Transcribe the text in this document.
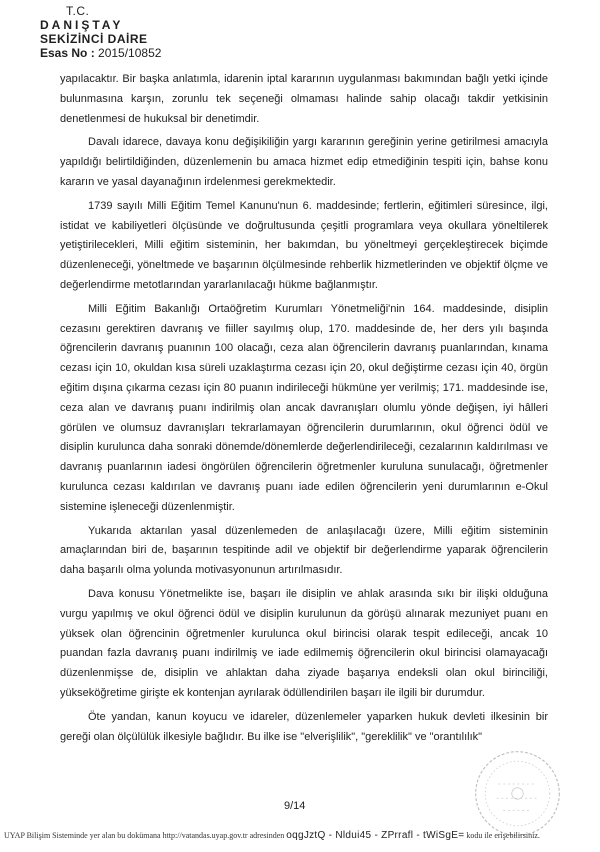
T.C.
DANIŞTAY
SEKİZİNCİ DAİRE
Esas No : 2015/10852

yapılacaktır. Bir başka anlatımla, idarenin iptal kararının uygulanması bakımından bağlı yetki içinde bulunmasına karşın, zorunlu tek seçeneği olmaması halinde sahip olacağı takdir yetkisinin denetlenmesi de hukuksal bir denetimdir.

Davalı idarece, davaya konu değişikiliğin yargı kararının gereğinin yerine getirilmesi amacıyla yapıldığı belirtildiğinden, düzenlemenin bu amaca hizmet edip etmediğinin tespiti için, bahse konu kararın ve yasal dayanağının irdelenmesi gerekmektedir.

1739 sayılı Milli Eğitim Temel Kanunu'nun 6. maddesinde; fertlerin, eğitimleri süresince, ilgi, istidat ve kabiliyetleri ölçüsünde ve doğrultusunda çeşitli programlara veya okullara yöneltilerek yetiştirilecekleri, Milli eğitim sisteminin, her bakımdan, bu yöneltmeyi gerçekleştirecek biçimde düzenleneceği, yöneltmede ve başarının ölçülmesinde rehberlik hizmetlerinden ve objektif ölçme ve değerlendirme metotlarından yararlanılacağı hükme bağlanmıştır.

Milli Eğitim Bakanlığı Ortaöğretim Kurumları Yönetmeliği'nin 164. maddesinde, disiplin cezasını gerektiren davranış ve fiiller sayılmış olup, 170. maddesinde de, her ders yılı başında öğrencilerin davranış puanının 100 olacağı, ceza alan öğrencilerin davranış puanlarından, kınama cezası için 10, okuldan kısa süreli uzaklaştırma cezası için 20, okul değiştirme cezası için 40, örgün eğitim dışına çıkarma cezası için 80 puanın indirileceği hükmüne yer verilmiş; 171. maddesinde ise, ceza alan ve davranış puanı indirilmiş olan ancak davranışları olumlu yönde değişen, iyi hâlleri görülen ve olumsuz davranışları tekrarlamayan öğrencilerin durumlarının, okul öğrenci ödül ve disiplin kurulunca daha sonraki dönemde/dönemlerde değerlendirileceği, cezalarının kaldırılması ve davranış puanlarının iadesi öngörülen öğrencilerin öğretmenler kuruluna sunulacağı, öğretmenler kurulunca cezası kaldırılan ve davranış puanı iade edilen öğrencilerin yeni durumlarının e-Okul sistemine işleneceği düzenlenmiştir.

Yukarıda aktarılan yasal düzenlemeden de anlaşılacağı üzere, Milli eğitim sisteminin amaçlarından biri de, başarının tespitinde adil ve objektif bir değerlendirme yaparak öğrencilerin daha başarılı olma yolunda motivasyonunun artırılmasıdır.

Dava konusu Yönetmelikte ise, başarı ile disiplin ve ahlak arasında sıkı bir ilişki olduğuna vurgu yapılmış ve okul öğrenci ödül ve disiplin kurulunun da görüşü alınarak mezuniyet puanı en yüksek olan öğrencinin öğretmenler kurulunca okul birincisi olarak tespit edileceği, ancak 10 puandan fazla davranış puanı indirilmiş ve iade edilmemiş öğrencilerin okul birincisi olamayacağı düzenlenmişse de, disiplin ve ahlaktan daha ziyade başarıya endeksli olan okul birinciliği, yükseköğretime girişte ek kontenjan ayrılarak ödüllendirilen başarı ile ilgili bir durumdur.

Öte yandan, kanun koyucu ve idareler, düzenlemeler yaparken hukuk devleti ilkesinin bir gereği olan ölçülülük ilkesiyle bağlıdır. Bu ilke ise "elverişlilik", "gereklilik" ve "orantılılık"

9/14
UYAP Bilişim Sisteminde yer alan bu dokümana http://vatandas.uyap.gov.tr adresinden oqgJztQ - Nldui45 - ZPrrafl - tWiSgE= kodu ile erişebilirsiniz.
